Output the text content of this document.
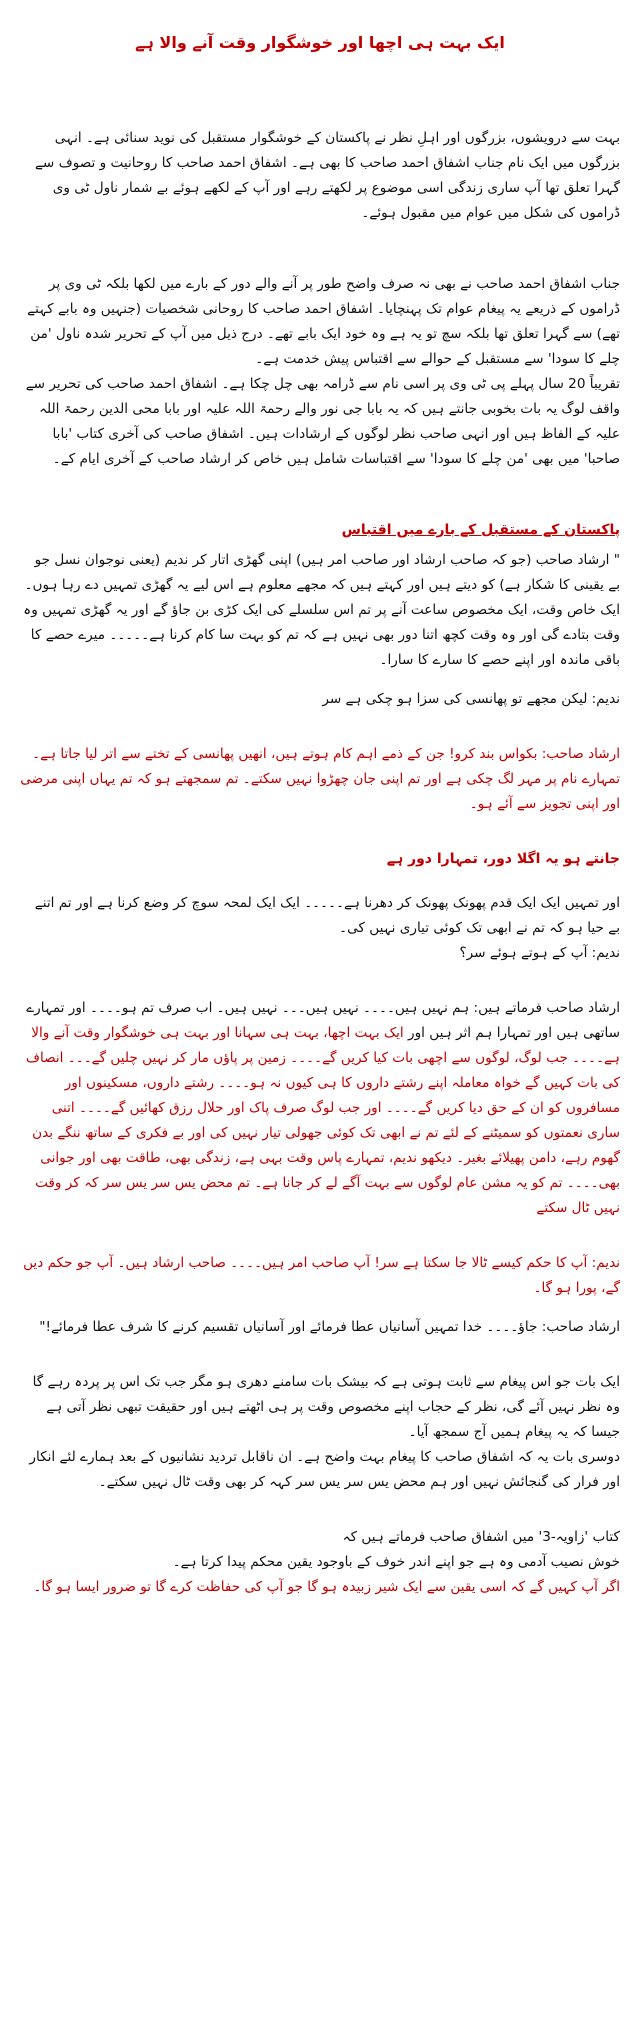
ایک بہت ہی اچھا اور خوشگوار وقت آنے والا ہے

بہت سے درویشوں، بزرگوں اور اہلِ نظر نے پاکستان کے خوشگوار مستقبل کی نوید سنائی ہے۔ انہی بزرگوں میں ایک نام جناب اشفاق احمد صاحب کا بھی ہے۔ اشفاق احمد صاحب کا روحانیت و تصوف سے گہرا تعلق تھا آپ ساری زندگی اسی موضوع پر لکھتے رہے اور آپ کے لکھے ہوئے بے شمار ناول ٹی وی ڈراموں کی شکل میں عوام میں مقبول ہوئے۔

جناب اشفاق احمد صاحب نے بھی نہ صرف واضح طور پر آنے والے دور کے بارے میں لکھا بلکہ ٹی وی پر ڈراموں کے ذریعے یہ پیغام عوام تک پہنچایا۔ اشفاق احمد صاحب کا روحانی شخصیات (جنہیں وہ بابے کہتے تھے) سے گہرا تعلق تھا بلکہ سچ تو یہ ہے وہ خود ایک بابے تھے۔ درج ذیل میں آپ کے تحریر شدہ ناول 'من چلے کا سودا' سے مستقبل کے حوالے سے اقتباس پیش خدمت ہے۔

تقریباً 20 سال پہلے پی ٹی وی پر اسی نام سے ڈرامہ بھی چل چکا ہے۔ اشفاق احمد صاحب کی تحریر سے واقف لوگ یہ بات بخوبی جانتے ہیں کہ یہ بابا جی نور والے رحمۃ اللہ علیہ اور بابا محی الدین رحمۃ اللہ علیہ کے الفاظ ہیں اور انہی صاحب نظر لوگوں کے ارشادات ہیں۔ اشفاق صاحب کی آخری کتاب 'بابا صاحبا' میں بھی 'من چلے کا سودا' سے اقتباسات شامل ہیں خاص کر ارشاد صاحب کے آخری ایام کے۔

پاکستان کے مستقبل کے بارے میں اقتباس

" ارشاد صاحب (جو کہ صاحب ارشاد اور صاحب امر ہیں) اپنی گھڑی اتار کر ندیم (یعنی نوجوان نسل جو بے یقینی کا شکار ہے) کو دیتے ہیں اور کہتے ہیں کہ مجھے معلوم ہے اس لیے یہ گھڑی تمہیں دے رہا ہوں۔ ایک خاص وقت، ایک مخصوص ساعت آنے پر تم اس سلسلے کی ایک کڑی بن جاؤ گے اور یہ گھڑی تمہیں وہ وقت بتادے گی اور وہ وقت کچھ اتنا دور بھی نہیں ہے کہ تم کو بہت سا کام کرنا ہے۔۔۔۔۔ میرے حصے کا باقی ماندہ اور اپنے حصے کا سارے کا سارا۔

ندیم: لیکن مجھے تو پھانسی کی سزا ہو چکی ہے سر

ارشاد صاحب: بکواس بند کرو! جن کے ذمے اہم کام ہوتے ہیں، انھیں پھانسی کے تختے سے اتر لیا جاتا ہے۔ تمہارے نام پر مہر لگ چکی ہے اور تم اپنی جان چھڑوا نہیں سکتے۔ تم سمجھتے ہو کہ تم یہاں اپنی مرضی اور اپنی تجویز سے آئے ہو۔

جانتے ہو یہ اگلا دور، تمہارا دور ہے

اور تمہیں ایک ایک قدم پھونک پھونک کر دھرنا ہے۔۔۔۔۔ ایک ایک لمحہ سوچ کر وضع کرنا ہے اور تم اتنے بے حیا ہو کہ تم نے ابھی تک کوئی تیاری نہیں کی۔

ندیم: آپ کے ہوتے ہوئے سر؟

ارشاد صاحب فرماتے ہیں: ہم نہیں ہیں۔۔۔۔ نہیں ہیں۔۔۔ نہیں ہیں۔ اب صرف تم ہو۔۔۔۔ اور تمہارے ساتھی ہیں اور تمہارا ہم اثر ہیں اور ایک بہت اچھا، بہت ہی سہانا اور بہت ہی خوشگوار وقت آنے والا ہے۔۔۔۔ جب لوگ، لوگوں سے اچھی بات کیا کریں گے۔۔۔۔ زمین پر پاؤں مار کر نہیں چلیں گے۔۔۔ انصاف کی بات کہیں گے خواہ معاملہ اپنے رشتے داروں کا ہی کیوں نہ ہو۔۔۔۔ رشتے داروں، مسکینوں اور مسافروں کو ان کے حق دیا کریں گے۔۔۔۔ اور جب لوگ صرف پاک اور حلال رزق کھائیں گے۔۔۔۔ اتنی ساری نعمتوں کو سمیٹنے کے لئے تم نے ابھی تک کوئی جھولی تیار نہیں کی اور بے فکری کے ساتھ ننگے بدن گھوم رہے، دامن پھیلائے بغیر۔ دیکھو ندیم، تمہارے پاس وقت بہی ہے، زندگی بھی، طاقت بھی اور جوانی بھی۔۔۔۔ تم کو یہ مشن عام لوگوں سے بہت آگے لے کر جانا ہے۔ تم محض یس سر یس سر کہ کر وقت نہیں ٹال سکتے

ندیم: آپ کا حکم کیسے ٹالا جا سکتا ہے سر! آپ صاحب امر ہیں۔۔۔۔ صاحب ارشاد ہیں۔ آپ جو حکم دیں گے، پورا ہو گا۔

ارشاد صاحب: جاؤ۔۔۔۔ خدا تمہیں آسانیاں عطا فرمائے اور آسانیاں تقسیم کرنے کا شرف عطا فرمائے!"

ایک بات جو اس پیغام سے ثابت ہوتی ہے کہ بیشک بات سامنے دھری ہو مگر جب تک اس پر پردہ رہے گا وہ نظر نہیں آئے گی، نظر کے حجاب اپنے مخصوص وقت پر ہی اٹھتے ہیں اور حقیقت تبھی نظر آتی ہے جیسا کہ یہ پیغام ہمیں آج سمجھ آیا۔

دوسری بات یہ کہ اشفاق صاحب کا پیغام بہت واضح ہے۔ ان ناقابل تردید نشانیوں کے بعد ہمارے لئے انکار اور فرار کی گنجائش نہیں اور ہم محض یس سر یس سر کہہ کر بھی وقت ٹال نہیں سکتے۔

کتاب 'زاویہ-3' میں اشفاق صاحب فرماتے ہیں کہ

خوش نصیب آدمی وہ ہے جو اپنے اندر خوف کے باوجود یقین محکم پیدا کرتا ہے۔

اگر آپ کہیں گے کہ اسی یقین سے ایک شیر زبیدہ ہو گا جو آپ کی حفاظت کرے گا تو ضرور ایسا ہو گا۔
